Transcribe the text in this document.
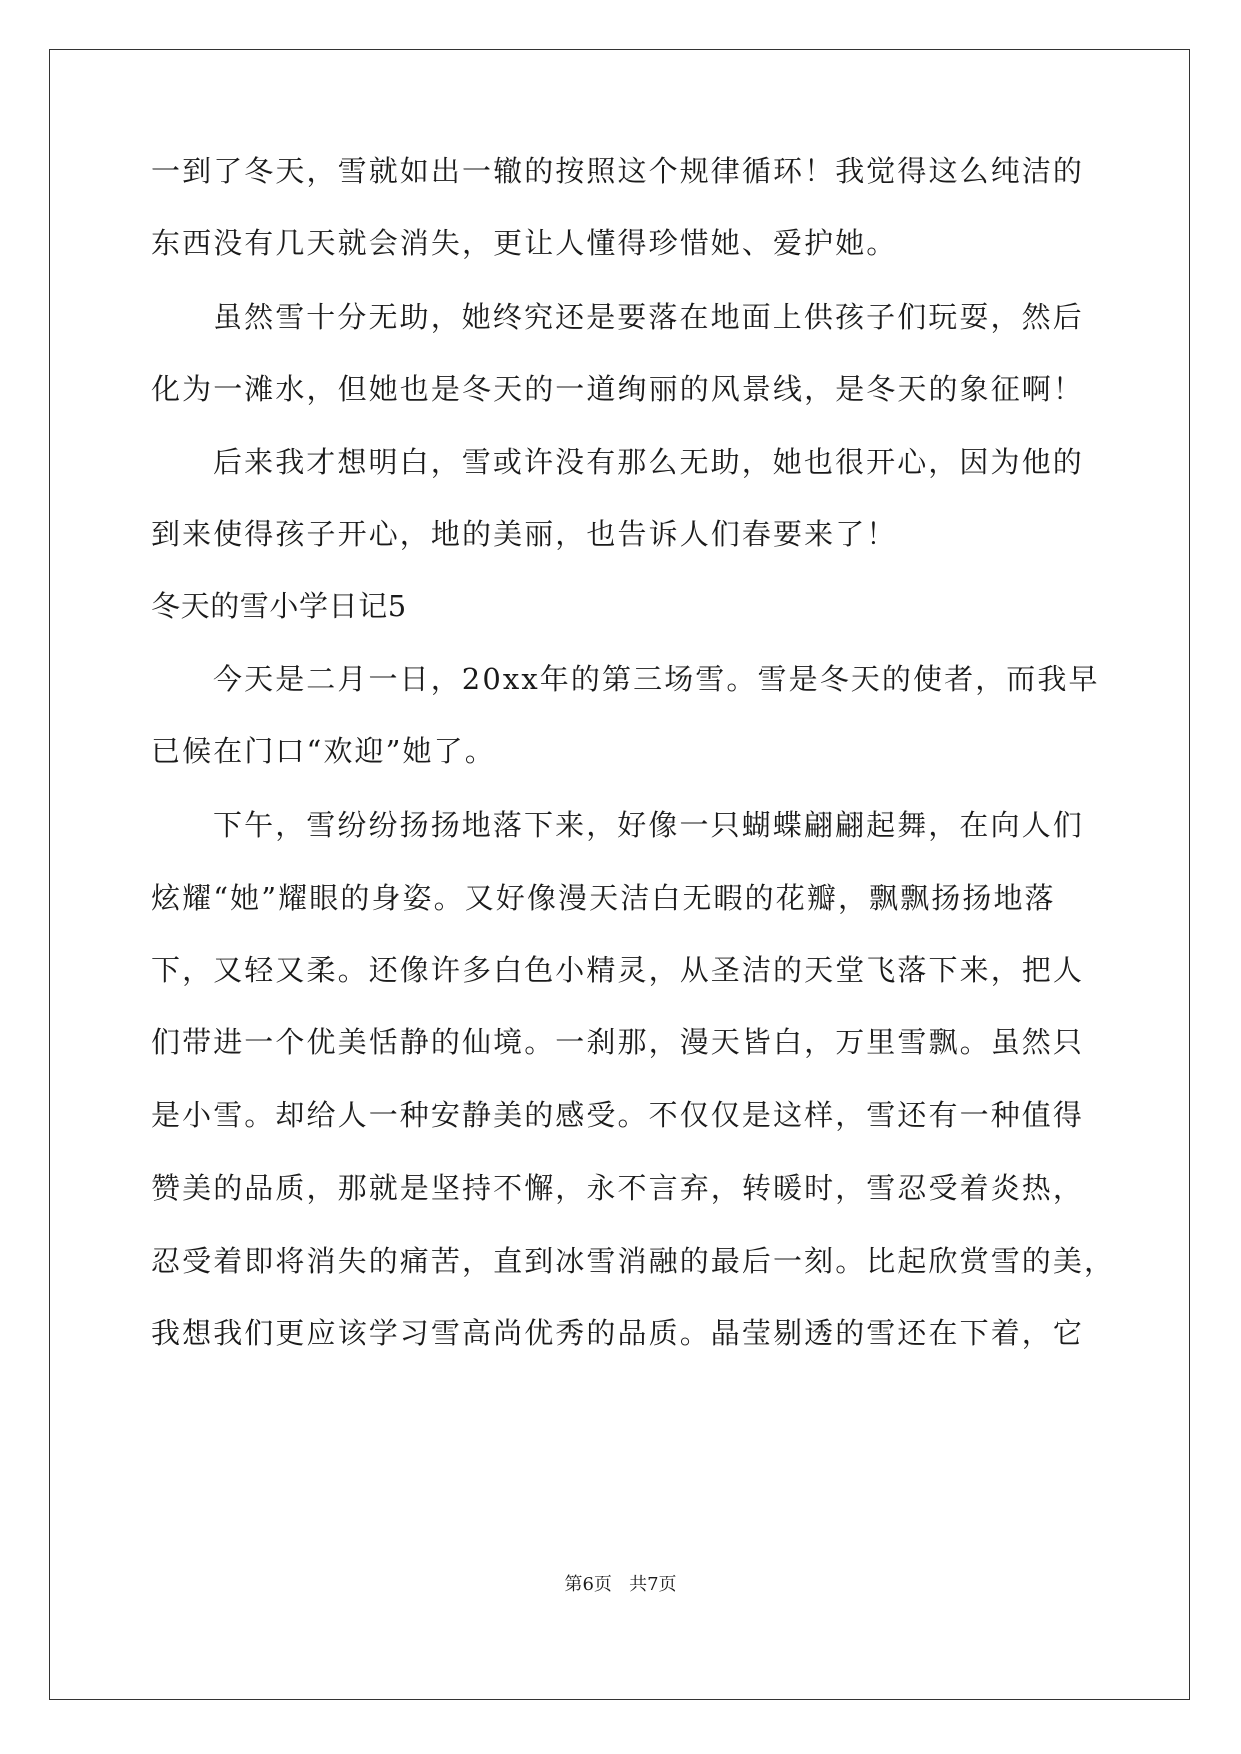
一到了冬天，雪就如出一辙的按照这个规律循环！我觉得这么纯洁的
东西没有几天就会消失，更让人懂得珍惜她、爱护她。
虽然雪十分无助，她终究还是要落在地面上供孩子们玩耍，然后
化为一滩水，但她也是冬天的一道绚丽的风景线，是冬天的象征啊！
后来我才想明白，雪或许没有那么无助，她也很开心，因为他的
到来使得孩子开心，地的美丽，也告诉人们春要来了！
冬天的雪小学日记5
今天是二月一日，20xx年的第三场雪。雪是冬天的使者，而我早
已候在门口“欢迎”她了。
下午，雪纷纷扬扬地落下来，好像一只蝴蝶翩翩起舞，在向人们
炫耀“她”耀眼的身姿。又好像漫天洁白无暇的花瓣，飘飘扬扬地落
下，又轻又柔。还像许多白色小精灵，从圣洁的天堂飞落下来，把人
们带进一个优美恬静的仙境。一刹那，漫天皆白，万里雪飘。虽然只
是小雪。却给人一种安静美的感受。不仅仅是这样，雪还有一种值得
赞美的品质，那就是坚持不懈，永不言弃，转暖时，雪忍受着炎热，
忍受着即将消失的痛苦，直到冰雪消融的最后一刻。比起欣赏雪的美，
我想我们更应该学习雪高尚优秀的品质。晶莹剔透的雪还在下着，它
第6页 共7页
